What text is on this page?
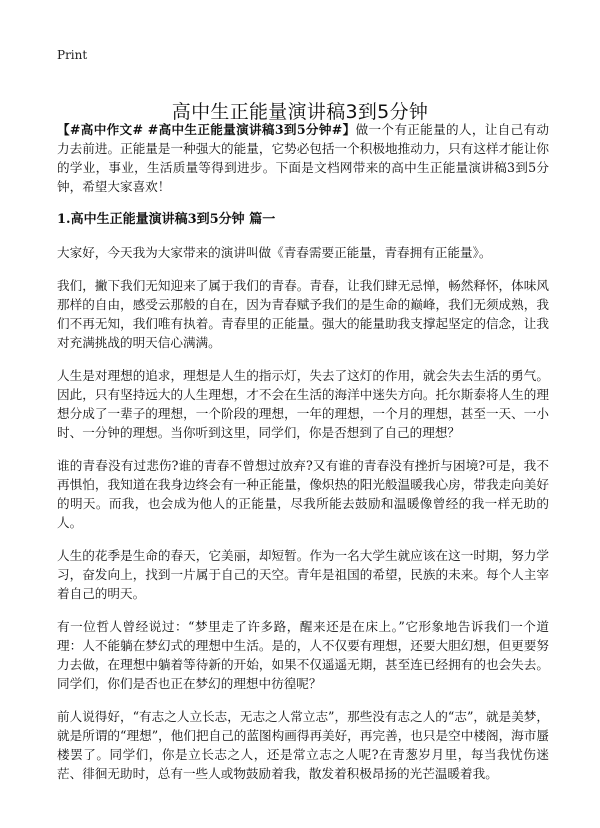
Print
高中生正能量演讲稿3到5分钟

【#高中作文# #高中生正能量演讲稿3到5分钟#】做一个有正能量的人，让自己有动力去前进。正能量是一种强大的能量，它势必包括一个积极地推动力，只有这样才能让你的学业，事业，生活质量等得到进步。下面是文档网带来的高中生正能量演讲稿3到5分钟，希望大家喜欢！

1.高中生正能量演讲稿3到5分钟 篇一

大家好，今天我为大家带来的演讲叫做《青春需要正能量，青春拥有正能量》。

我们，撇下我们无知迎来了属于我们的青春。青春，让我们肆无忌惮，畅然释怀，体味风那样的自由，感受云那般的自在，因为青春赋予我们的是生命的巅峰，我们无须成熟，我们不再无知，我们唯有执着。青春里的正能量。强大的能量助我支撑起坚定的信念，让我对充满挑战的明天信心满满。

人生是对理想的追求，理想是人生的指示灯，失去了这灯的作用，就会失去生活的勇气。因此，只有坚持远大的人生理想，才不会在生活的海洋中迷失方向。托尔斯泰将人生的理想分成了一辈子的理想，一个阶段的理想，一年的理想，一个月的理想，甚至一天、一小时、一分钟的理想。当你听到这里，同学们，你是否想到了自己的理想？

谁的青春没有过悲伤?谁的青春不曾想过放弃?又有谁的青春没有挫折与困境?可是，我不再惧怕，我知道在我身边终会有一种正能量，像炽热的阳光般温暖我心房，带我走向美好的明天。而我，也会成为他人的正能量，尽我所能去鼓励和温暖像曾经的我一样无助的人。

人生的花季是生命的春天，它美丽，却短暂。作为一名大学生就应该在这一时期，努力学习，奋发向上，找到一片属于自己的天空。青年是祖国的希望，民族的未来。每个人主宰着自己的明天。

有一位哲人曾经说过：“梦里走了许多路，醒来还是在床上。”它形象地告诉我们一个道理：人不能躺在梦幻式的理想中生活。是的，人不仅要有理想，还要大胆幻想，但更要努力去做，在理想中躺着等待新的开始，如果不仅遥遥无期，甚至连已经拥有的也会失去。同学们，你们是否也正在梦幻的理想中彷徨呢？

前人说得好，“有志之人立长志，无志之人常立志”，那些没有志之人的“志”，就是美梦，就是所谓的“理想”，他们把自己的蓝图构画得再美好，再完善，也只是空中楼阁，海市蜃楼罢了。同学们，你是立长志之人，还是常立志之人呢?在青葱岁月里，每当我忧伤迷茫、徘徊无助时，总有一些人或物鼓励着我，散发着积极昂扬的光芒温暖着我。
